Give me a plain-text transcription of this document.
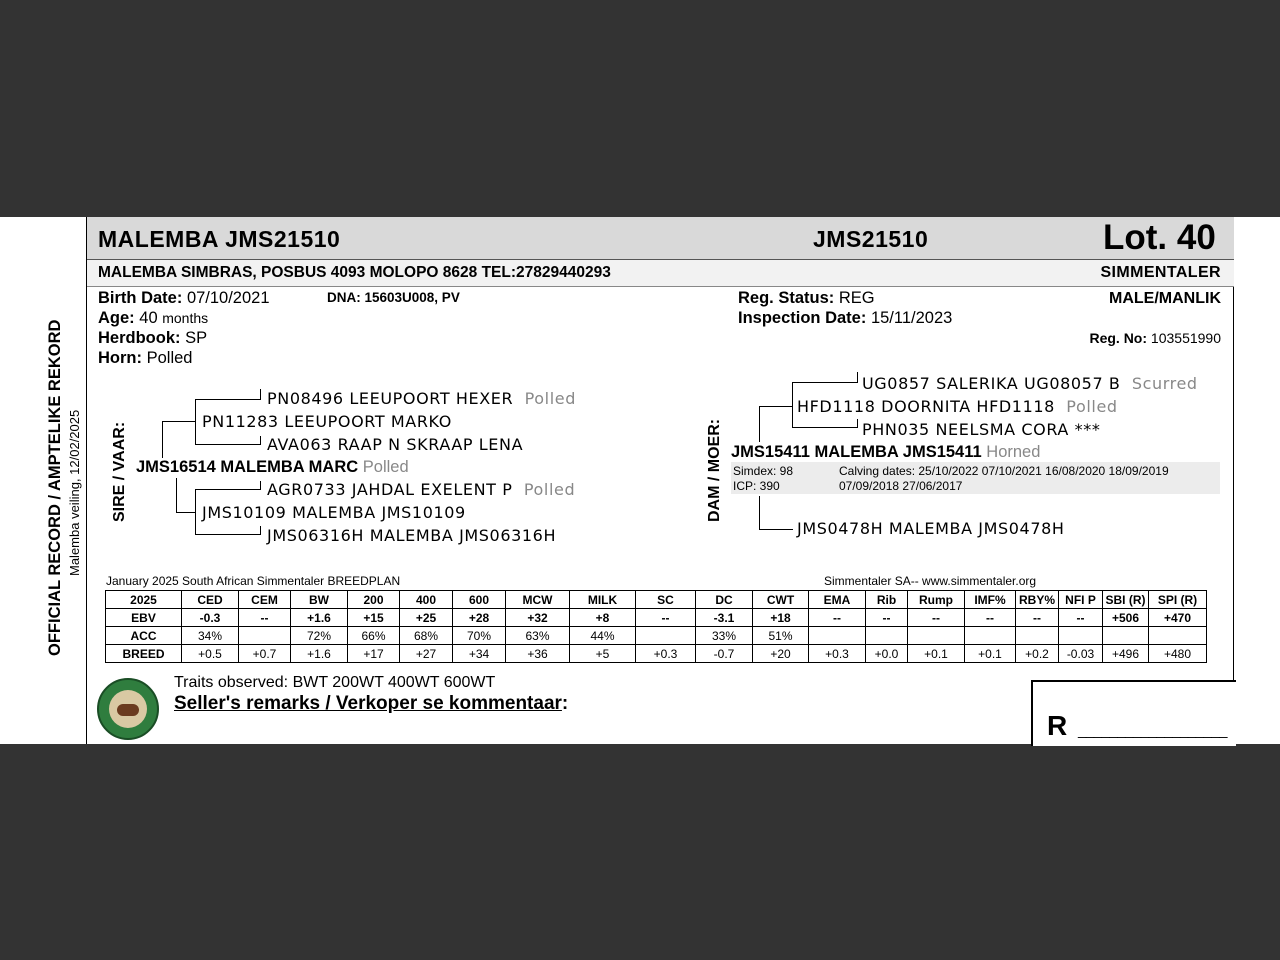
OFFICIAL RECORD / AMPTELIKE REKORD Malemba veiling, 12/02/2025
MALEMBA JMS21510	JMS21510	Lot. 40
MALEMBA SIMBRAS, POSBUS 4093 MOLOPO 8628 TEL:27829440293	SIMMENTALER
Birth Date: 07/10/2021
Age: 40 months
Herdbook: SP
Horn: Polled
DNA: 15603U008, PV	Reg. Status: REG
Inspection Date: 15/11/2023
MALE/MANLIK
Reg. No: 103551990
SIRE / VAAR:
PN08496 LEEUPOORT HEXER Polled
PN11283 LEEUPOORT MARKO
AVA063 RAAP N SKRAAP LENA
JMS16514 MALEMBA MARC Polled
AGR0733 JAHDAL EXELENT P Polled
JMS10109 MALEMBA JMS10109
JMS06316H MALEMBA JMS06316H
DAM / MOER:
UG0857 SALERIKA UG08057 B Scurred
HFD1118 DOORNITA HFD1118 Polled
PHN035 NEELSMA CORA ***
JMS15411 MALEMBA JMS15411 Horned
Simdex: 98
ICP: 390
Calving dates: 25/10/2022 07/10/2021 16/08/2020 18/09/2019
07/09/2018 27/06/2017
JMS0478H MALEMBA JMS0478H
January 2025 South African Simmentaler BREEDPLAN	Simmentaler SA-- www.simmentaler.org
2025	CED	CEM	BW	200	400	600	MCW	MILK	SC	DC	CWT	EMA	Rib	Rump	IMF%	RBY%	NFI P	SBI (R)	SPI (R)
EBV	-0.3	--	+1.6	+15	+25	+28	+32	+8	--	-3.1	+18	--	--	--	--	--	--	+506	+470
ACC	34%		72%	66%	68%	70%	63%	44%		33%	51%								
BREED	+0.5	+0.7	+1.6	+17	+27	+34	+36	+5	+0.3	-0.7	+20	+0.3	+0.0	+0.1	+0.1	+0.2	-0.03	+496	+480
Traits observed: BWT 200WT 400WT 600WT
Seller's remarks / Verkoper se kommentaar:
R ___________________
